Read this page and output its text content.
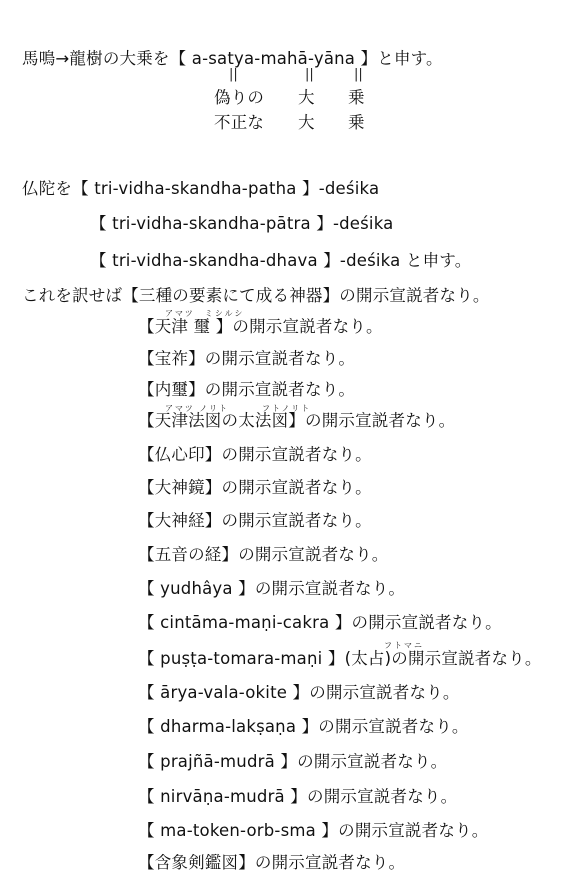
馬鳴→龍樹の大乗を【 a-satya-mahā-yāna 】と申す。
||	||	||
偽りの 大 乗
不正な 大 乗
仏陀を【 tri-vidha-skandha-patha 】-deśika
【 tri-vidha-skandha-pātra 】-deśika
【 tri-vidha-skandha-dhava 】-deśika と申す。
これを訳せば【三種の要素にて成る神器】の開示宣説者なり。
アマツ　ミシルシ
【天津 璽 】の開示宣説者なり。
【宝祚】の開示宣説者なり。
【内璽】の開示宣説者なり。
アマツ ノリト	フトノリト
【天津法図の太法図】の開示宣説者なり。
【仏心印】の開示宣説者なり。
【大神鏡】の開示宣説者なり。
【大神経】の開示宣説者なり。
【五音の経】の開示宣説者なり。
【 yudhâya 】の開示宣説者なり。
【 cintāma-maṇi-cakra 】の開示宣説者なり。
フトマニ
【 puṣṭa-tomara-maṇi 】(太占)の開示宣説者なり。
【 ārya-vala-okite 】の開示宣説者なり。
【 dharma-lakṣaṇa 】の開示宣説者なり。
【 prajñā-mudrā 】の開示宣説者なり。
【 nirvāṇa-mudrā 】の開示宣説者なり。
【 ma-token-orb-sma 】の開示宣説者なり。
【含象剣鑑図】の開示宣説者なり。
